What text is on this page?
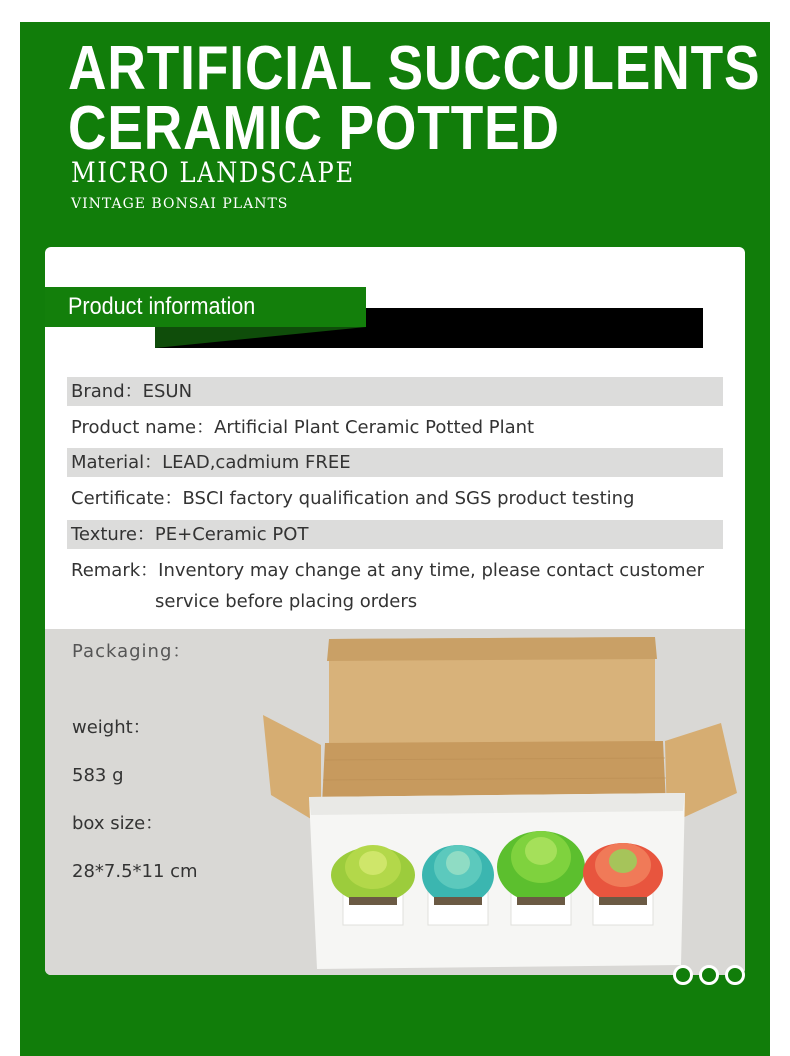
ARTIFICIAL SUCCULENTS
CERAMIC POTTED
MICRO LANDSCAPE
VINTAGE BONSAI PLANTS
Product information
Brand：ESUN
Product name：Artificial Plant Ceramic Potted Plant
Material：LEAD,cadmium FREE
Certificate：BSCI factory qualification and SGS product testing
Texture：PE+Ceramic POT
Remark：Inventory may change at any time, please contact customer
service before placing orders
Packaging：
weight：
583 g
box size：
28*7.5*11 cm
